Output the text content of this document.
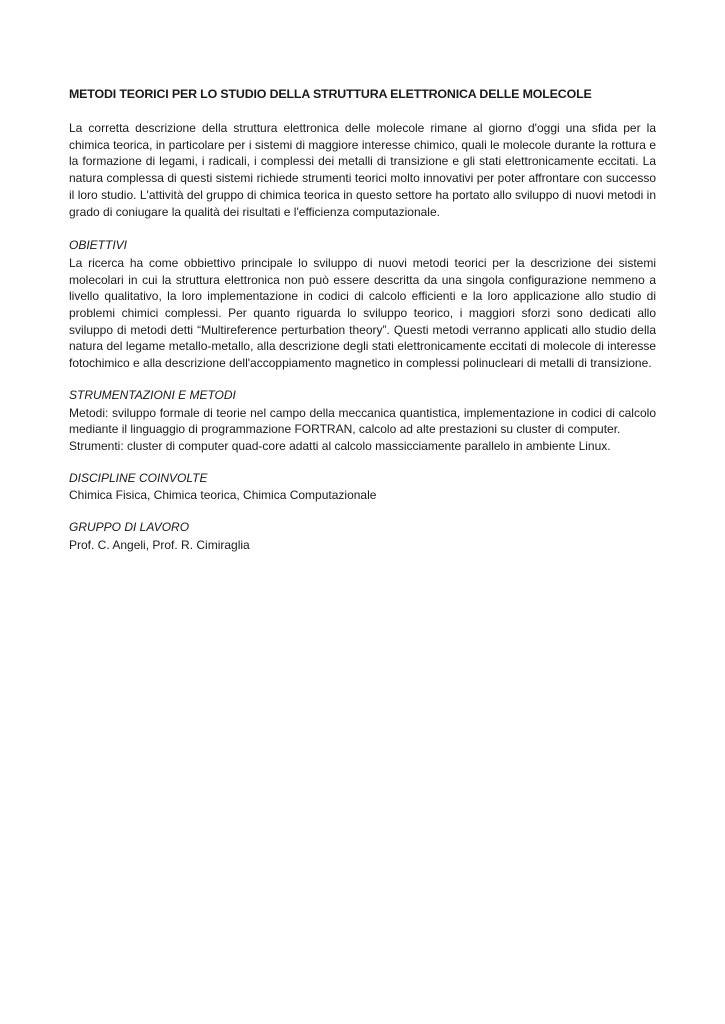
METODI TEORICI PER LO STUDIO DELLA STRUTTURA ELETTRONICA DELLE MOLECOLE

La corretta descrizione della struttura elettronica delle molecole rimane al giorno d'oggi una sfida per la chimica teorica, in particolare per i sistemi di maggiore interesse chimico, quali le molecole durante la rottura e la formazione di legami, i radicali, i complessi dei metalli di transizione e gli stati elettronicamente eccitati. La natura complessa di questi sistemi richiede strumenti teorici molto innovativi per poter affrontare con successo il loro studio. L'attività del gruppo di chimica teorica in questo settore ha portato allo sviluppo di nuovi metodi in grado di coniugare la qualità dei risultati e l'efficienza computazionale.

OBIETTIVI

La ricerca ha come obbiettivo principale lo sviluppo di nuovi metodi teorici per la descrizione dei sistemi molecolari in cui la struttura elettronica non può essere descritta da una singola configurazione nemmeno a livello qualitativo, la loro implementazione in codici di calcolo efficienti e la loro applicazione allo studio di problemi chimici complessi. Per quanto riguarda lo sviluppo teorico, i maggiori sforzi sono dedicati allo sviluppo di metodi detti “Multireference perturbation theory”. Questi metodi verranno applicati allo studio della natura del legame metallo-metallo, alla descrizione degli stati elettronicamente eccitati di molecole di interesse fotochimico e alla descrizione dell'accoppiamento magnetico in complessi polinucleari di metalli di transizione.

STRUMENTAZIONI E METODI

Metodi: sviluppo formale di teorie nel campo della meccanica quantistica, implementazione in codici di calcolo mediante il linguaggio di programmazione FORTRAN, calcolo ad alte prestazioni su cluster di computer.

Strumenti: cluster di computer quad-core adatti al calcolo massicciamente parallelo in ambiente Linux.

DISCIPLINE COINVOLTE

Chimica Fisica, Chimica teorica, Chimica Computazionale

GRUPPO DI LAVORO

Prof. C. Angeli, Prof. R. Cimiraglia
